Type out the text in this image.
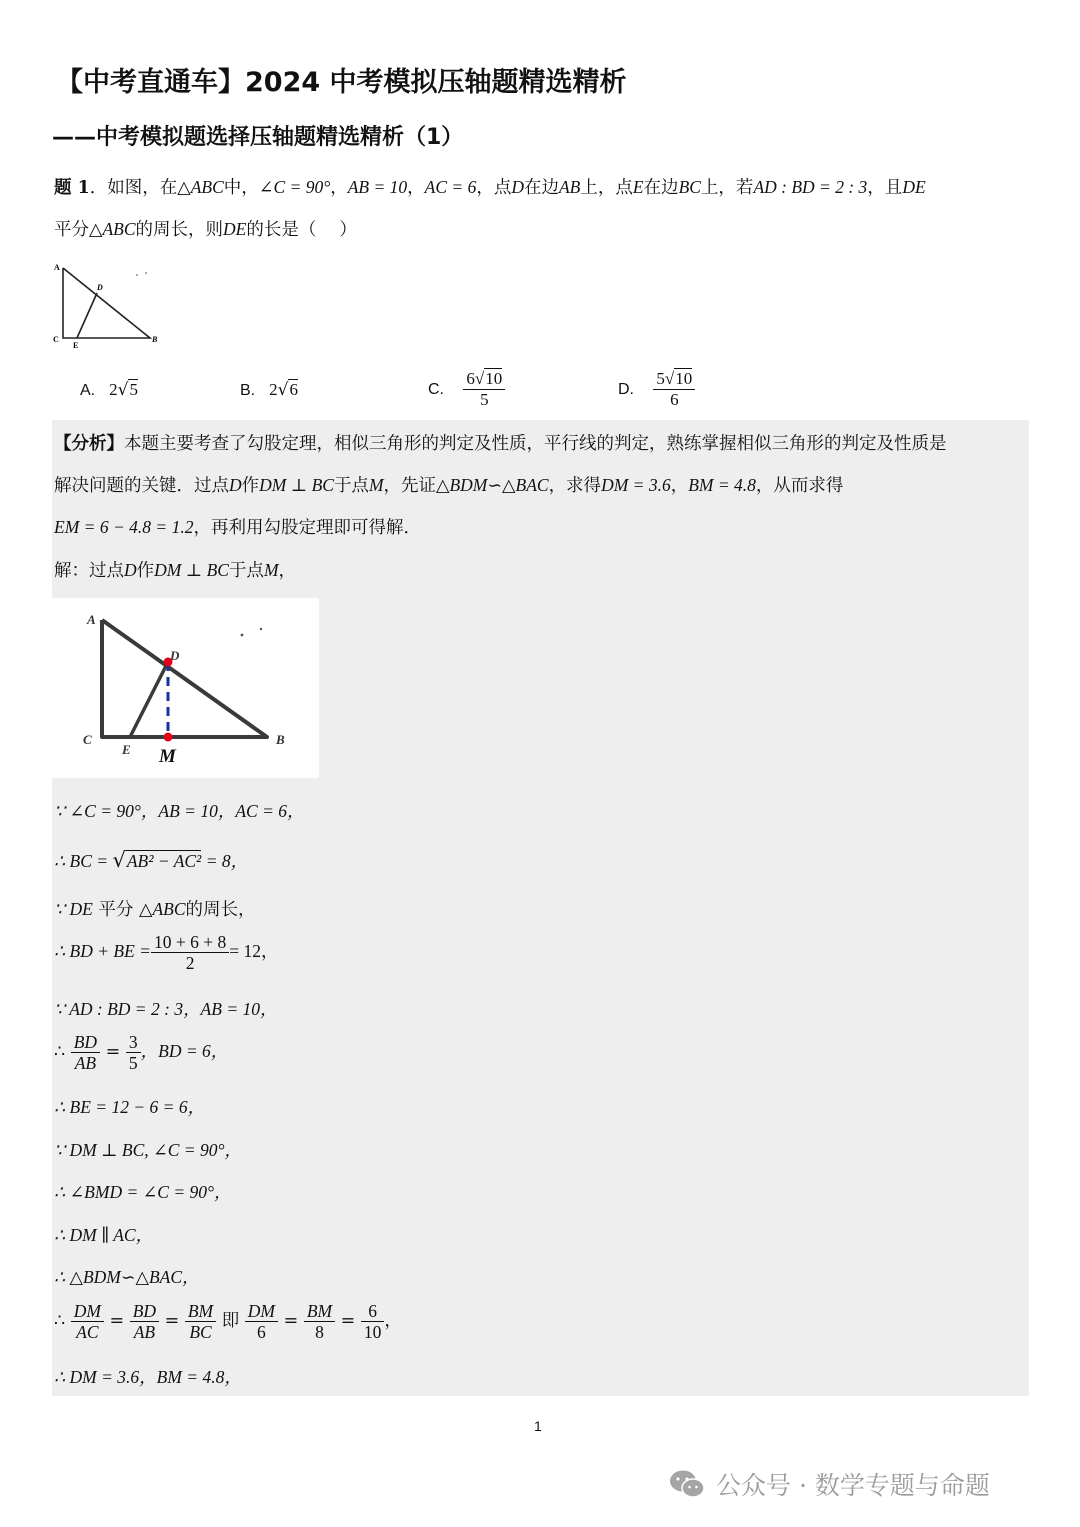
【中考直通车】2024 中考模拟压轴题精选精析
——中考模拟题选择压轴题精选精析（1）
题 1．如图，在△ABC中，∠C = 90°，AB = 10，AC = 6，点D在边AB上，点E在边BC上，若AD : BD = 2 : 3，且DE
平分△ABC的周长，则DE的长是（　 ）
A
D
C
E
B
A. 2√5	B. 2√6	C. $\frac{6√10}{5}$	D. $\frac{5√10}{6}$
【分析】本题主要考查了勾股定理，相似三角形的判定及性质，平行线的判定，熟练掌握相似三角形的判定及性质是
解决问题的关键．过点D作DM ⊥ BC于点M，先证△BDM∽△BAC，求得DM = 3.6，BM = 4.8，从而求得
EM = 6 − 4.8 = 1.2，再利用勾股定理即可得解．
解：过点D作DM ⊥ BC于点M，
A
D
C
E M
B
∵ ∠C = 90°，AB = 10，AC = 6，
∴ BC = √AB² − AC² = 8，
∵ DE 平分 △ABC的周长，
∴ BD + BE = $\frac{10 + 6 + 8}{2} = 12$，
∵ AD : BD = 2 : 3，AB = 10，
∴ $\frac{BD}{AB} = \frac{3}{5}$ ，BD = 6，
∴ BE = 12 − 6 = 6，
∵ DM ⊥ BC, ∠C = 90°，
∴ ∠BMD = ∠C = 90°，
∴ DM ∥ AC，
∴ △BDM∽△BAC，
∴ $\frac{DM}{AC} = \frac{BD}{AB} = \frac{BM}{BC}$ 即 $\frac{DM}{6} = \frac{BM}{8} = \frac{6}{10}$ ，
∴ DM = 3.6，BM = 4.8，
1
公众号 · 数学专题与命题
